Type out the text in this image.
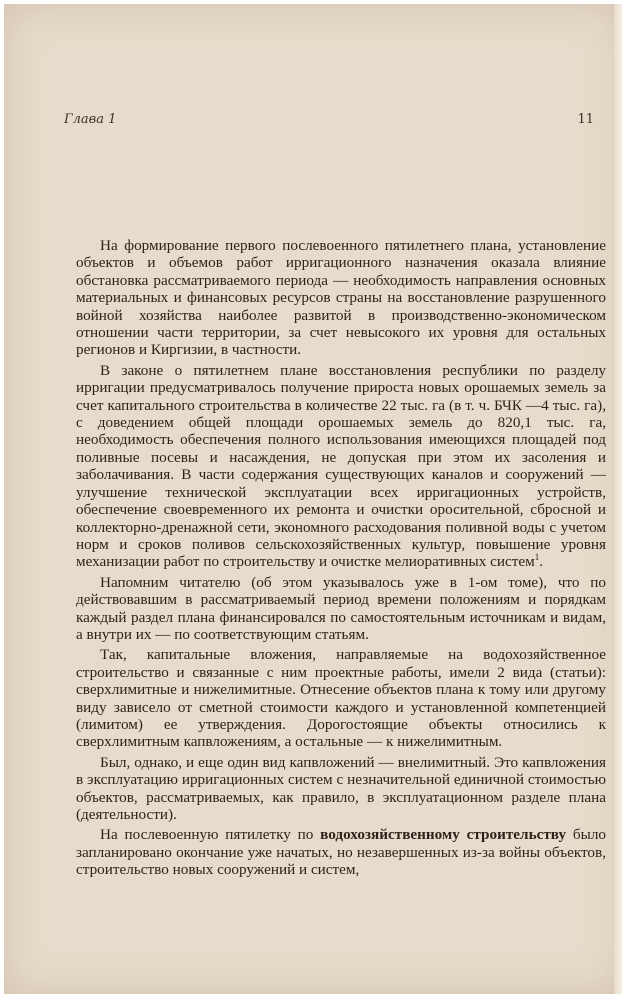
Глава 1	11

На формирование первого послевоенного пятилетнего плана, установление объектов и объемов работ ирригационного назначения оказала влияние обстановка рассматриваемого периода — необходимость направления основных материальных и финансовых ресурсов страны на восстановление разрушенного войной хозяйства наиболее развитой в производственно-экономическом отношении части территории, за счет невысокого их уровня для остальных регионов и Киргизии, в частности.

В законе о пятилетнем плане восстановления республики по разделу ирригации предусматривалось получение прироста новых орошаемых земель за счет капитального строительства в количестве 22 тыс. га (в т. ч. БЧК —4 тыс. га), с доведением общей площади орошаемых земель до 820,1 тыс. га, необходимость обеспечения полного использования имеющихся площадей под поливные посевы и насаждения, не допуская при этом их засоления и заболачивания. В части содержания существующих каналов и сооружений — улучшение технической эксплуатации всех ирригационных устройств, обеспечение своевременного их ремонта и очистки оросительной, сбросной и коллекторно-дренажной сети, экономного расходования поливной воды с учетом норм и сроков поливов сельскохозяйственных культур, повышение уровня механизации работ по строительству и очистке мелиоративных систем$^1$.

Напомним читателю (об этом указывалось уже в 1-ом томе), что по действовавшим в рассматриваемый период времени положениям и порядкам каждый раздел плана финансировался по самостоятельным источникам и видам, а внутри их — по соответствующим статьям.

Так, капитальные вложения, направляемые на водохозяйственное строительство и связанные с ним проектные работы, имели 2 вида (статьи): сверхлимитные и нижелимитные. Отнесение объектов плана к тому или другому виду зависело от сметной стоимости каждого и установленной компетенцией (лимитом) ее утверждения. Дорогостоящие объекты относились к сверхлимитным капвложениям, а остальные — к нижелимитным.

Был, однако, и еще один вид капвложений — внелимитный. Это капвложения в эксплуатацию ирригационных систем с незначительной единичной стоимостью объектов, рассматриваемых, как правило, в эксплуатационном разделе плана (деятельности).

На послевоенную пятилетку по водохозяйственному строительству было запланировано окончание уже начатых, но незавершенных из-за войны объектов, строительство новых сооружений и систем,
